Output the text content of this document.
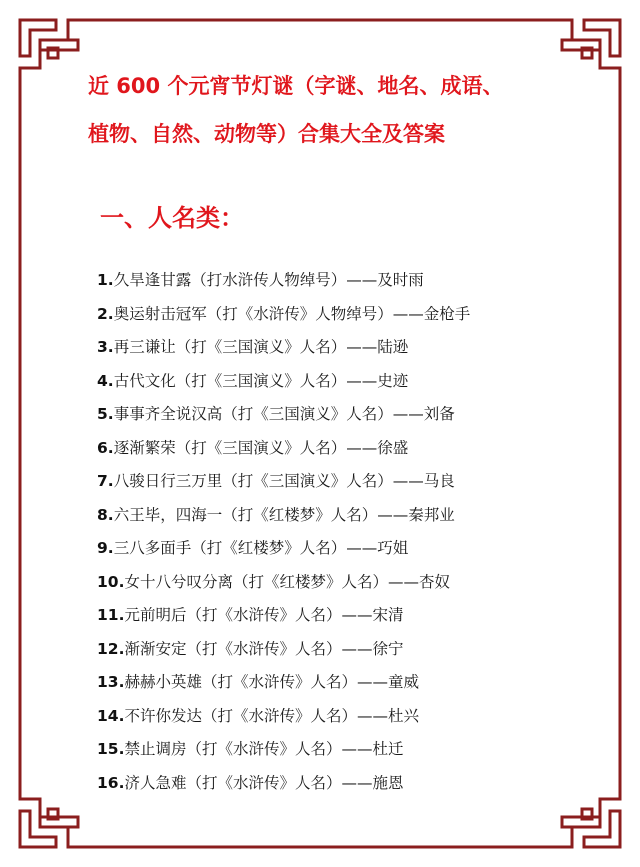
近 600 个元宵节灯谜（字谜、地名、成语、
植物、自然、动物等）合集大全及答案
一、人名类：
1.久旱逢甘露（打水浒传人物绰号）——及时雨
2.奥运射击冠军（打《水浒传》人物绰号）——金枪手
3.再三谦让（打《三国演义》人名）——陆逊
4.古代文化（打《三国演义》人名）——史迹
5.事事齐全说汉高（打《三国演义》人名）——刘备
6.逐渐繁荣（打《三国演义》人名）——徐盛
7.八骏日行三万里（打《三国演义》人名）——马良
8.六王毕，四海一（打《红楼梦》人名）——秦邦业
9.三八多面手（打《红楼梦》人名）——巧姐
10.女十八兮叹分离（打《红楼梦》人名）——杏奴
11.元前明后（打《水浒传》人名）——宋清
12.渐渐安定（打《水浒传》人名）——徐宁
13.赫赫小英雄（打《水浒传》人名）——童威
14.不许你发达（打《水浒传》人名）——杜兴
15.禁止调房（打《水浒传》人名）——杜迁
16.济人急难（打《水浒传》人名）——施恩
